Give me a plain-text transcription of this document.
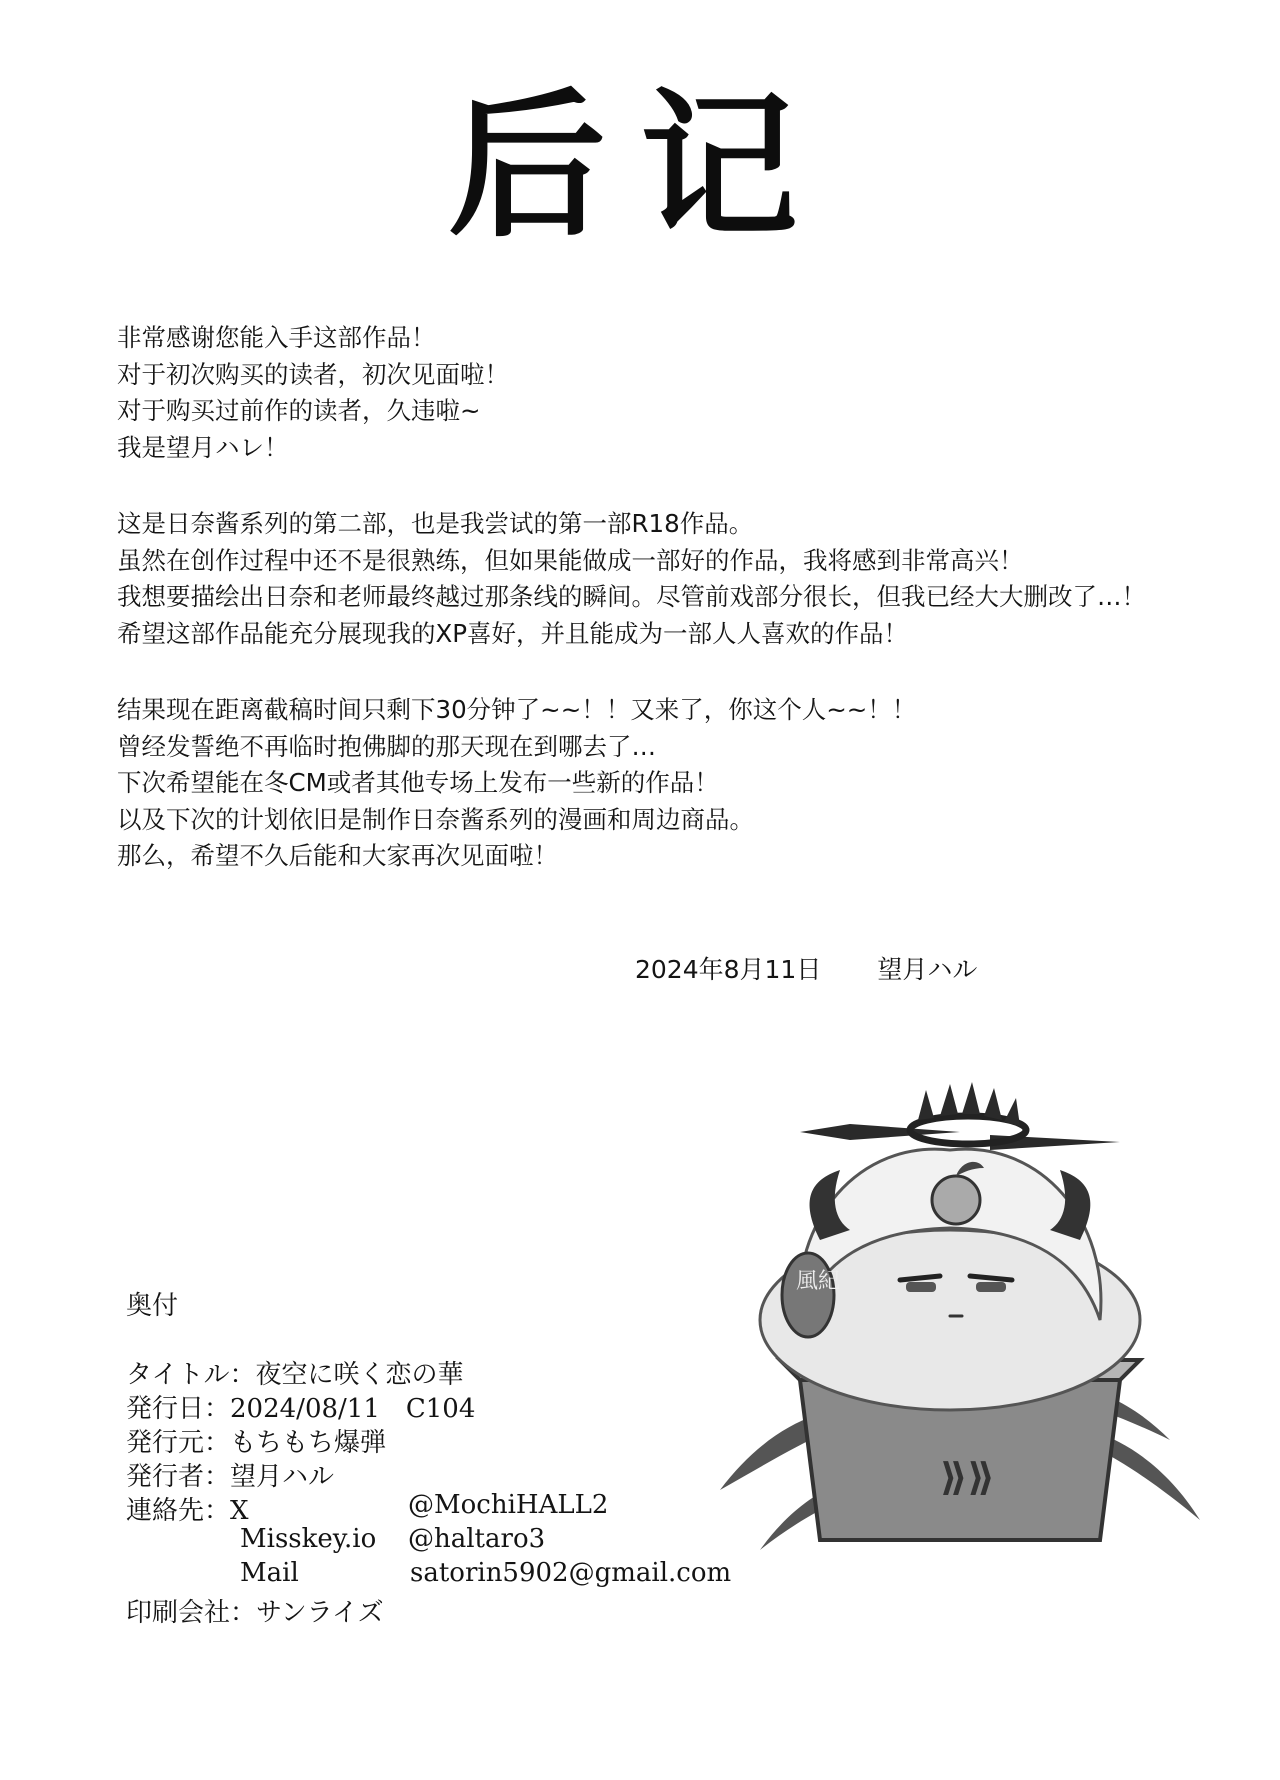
后记
非常感谢您能入手这部作品！
对于初次购买的读者，初次见面啦！
对于购买过前作的读者，久违啦~
我是望月ハレ！
这是日奈酱系列的第二部，也是我尝试的第一部R18作品。
虽然在创作过程中还不是很熟练，但如果能做成一部好的作品，我将感到非常高兴！
我想要描绘出日奈和老师最终越过那条线的瞬间。尽管前戏部分很长，但我已经大大删改了…！
希望这部作品能充分展现我的XP喜好，并且能成为一部人人喜欢的作品！
结果现在距离截稿时间只剩下30分钟了~~！！又来了，你这个人~~！！
曾经发誓绝不再临时抱佛脚的那天现在到哪去了…
下次希望能在冬CM或者其他专场上发布一些新的作品！
以及下次的计划依旧是制作日奈酱系列的漫画和周边商品。
那么，希望不久后能和大家再次见面啦！
2024年8月11日 望月ハル
⟫⟫
風紀
奥付
タイトル：夜空に咲く恋の華
発行日：2024/08/11　C104
発行元：もちもち爆弾
発行者：望月ハル
連絡先：X	@MochiHALL2
Misskey.io @haltaro3
Mail	satorin5902@gmail.com
印刷会社：サンライズ
